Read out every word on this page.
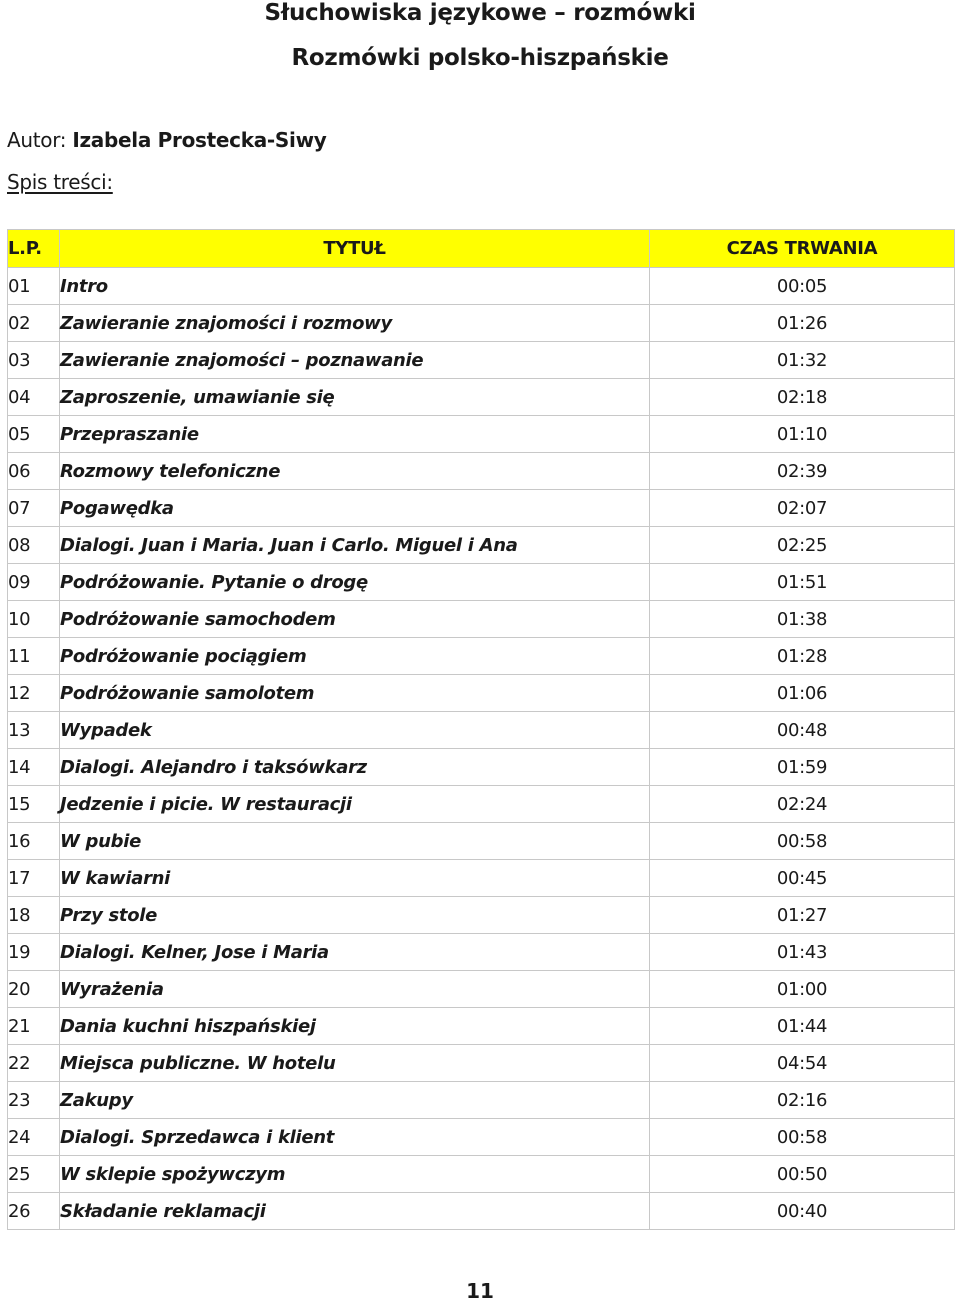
Słuchowiska językowe – rozmówki
Rozmówki polsko-hiszpańskie
Autor: Izabela Prostecka-Siwy
Spis treści:
L.P.	TYTUŁ	CZAS TRWANIA
01	Intro	00:05
02	Zawieranie znajomości i rozmowy	01:26
03	Zawieranie znajomości – poznawanie	01:32
04	Zaproszenie, umawianie się	02:18
05	Przepraszanie	01:10
06	Rozmowy telefoniczne	02:39
07	Pogawędka	02:07
08	Dialogi. Juan i Maria. Juan i Carlo. Miguel i Ana	02:25
09	Podróżowanie. Pytanie o drogę	01:51
10	Podróżowanie samochodem	01:38
11	Podróżowanie pociągiem	01:28
12	Podróżowanie samolotem	01:06
13	Wypadek	00:48
14	Dialogi. Alejandro i taksówkarz	01:59
15	Jedzenie i picie. W restauracji	02:24
16	W pubie	00:58
17	W kawiarni	00:45
18	Przy stole	01:27
19	Dialogi. Kelner, Jose i Maria	01:43
20	Wyrażenia	01:00
21	Dania kuchni hiszpańskiej	01:44
22	Miejsca publiczne. W hotelu	04:54
23	Zakupy	02:16
24	Dialogi. Sprzedawca i klient	00:58
25	W sklepie spożywczym	00:50
26	Składanie reklamacji	00:40
11
